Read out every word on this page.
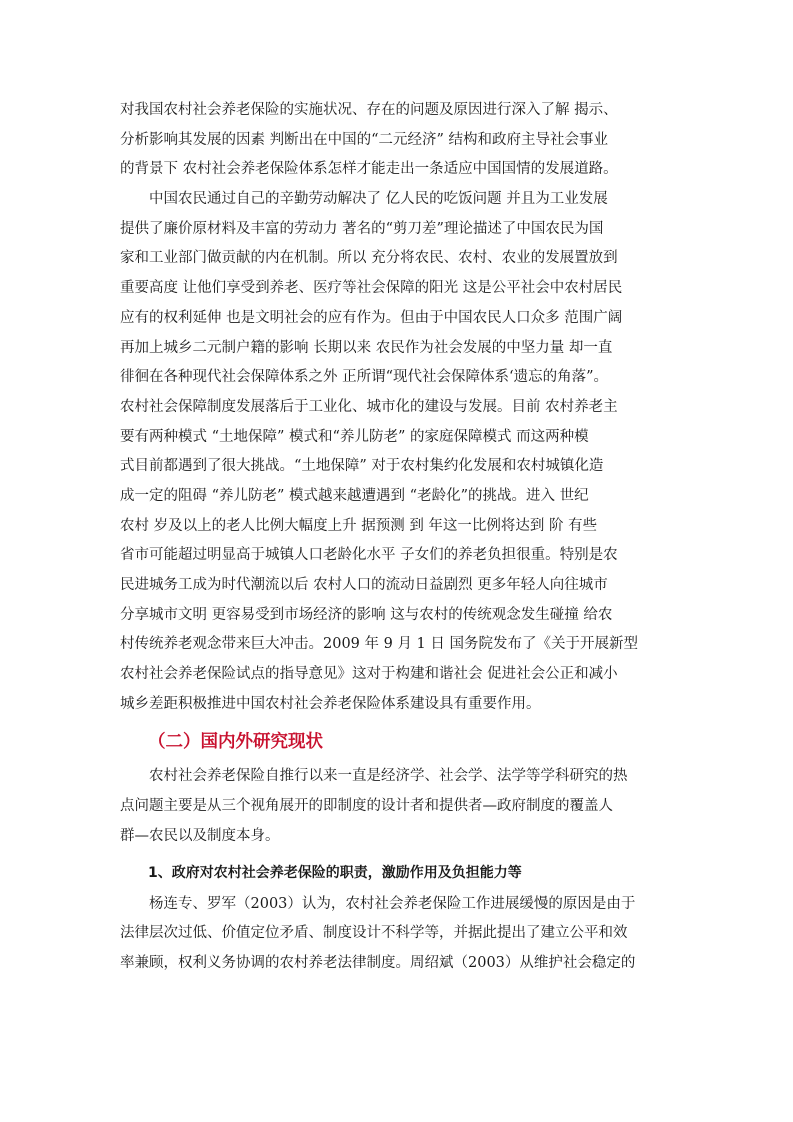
对我国农村社会养老保险的实施状况、存在的问题及原因进行深入了解 揭示、
分析影响其发展的因素 判断出在中国的“二元经济” 结构和政府主导社会事业
的背景下 农村社会养老保险体系怎样才能走出一条适应中国国情的发展道路。
中国农民通过自己的辛勤劳动解决了 亿人民的吃饭问题 并且为工业发展
提供了廉价原材料及丰富的劳动力 著名的“剪刀差”理论描述了中国农民为国
家和工业部门做贡献的内在机制。所以 充分将农民、农村、农业的发展置放到
重要高度 让他们享受到养老、医疗等社会保障的阳光 这是公平社会中农村居民
应有的权利延伸 也是文明社会的应有作为。但由于中国农民人口众多 范围广阔
再加上城乡二元制户籍的影响 长期以来 农民作为社会发展的中坚力量 却一直
徘徊在各种现代社会保障体系之外 正所谓“现代社会保障体系‘遗忘的角落”。
农村社会保障制度发展落后于工业化、城市化的建设与发展。目前 农村养老主
要有两种模式 “土地保障” 模式和“养儿防老” 的家庭保障模式 而这两种模
式目前都遇到了很大挑战。“土地保障” 对于农村集约化发展和农村城镇化造
成一定的阻碍 “养儿防老” 模式越来越遭遇到 “老龄化”的挑战。进入 世纪
农村 岁及以上的老人比例大幅度上升 据预测 到 年这一比例将达到 阶 有些
省市可能超过明显高于城镇人口老龄化水平 子女们的养老负担很重。特别是农
民进城务工成为时代潮流以后 农村人口的流动日益剧烈 更多年轻人向往城市
分享城市文明 更容易受到市场经济的影响 这与农村的传统观念发生碰撞 给农
村传统养老观念带来巨大冲击。2009 年 9 月 1 日 国务院发布了《关于开展新型
农村社会养老保险试点的指导意见》这对于构建和谐社会 促进社会公正和减小
城乡差距积极推进中国农村社会养老保险体系建设具有重要作用。
（二）国内外研究现状
农村社会养老保险自推行以来一直是经济学、社会学、法学等学科研究的热
点问题主要是从三个视角展开的即制度的设计者和提供者—政府制度的覆盖人
群—农民以及制度本身。
1、政府对农村社会养老保险的职责，激励作用及负担能力等
杨连专、罗军（2003）认为，农村社会养老保险工作进展缓慢的原因是由于
法律层次过低、价值定位矛盾、制度设计不科学等，并据此提出了建立公平和效
率兼顾，权利义务协调的农村养老法律制度。周绍斌（2003）从维护社会稳定的
